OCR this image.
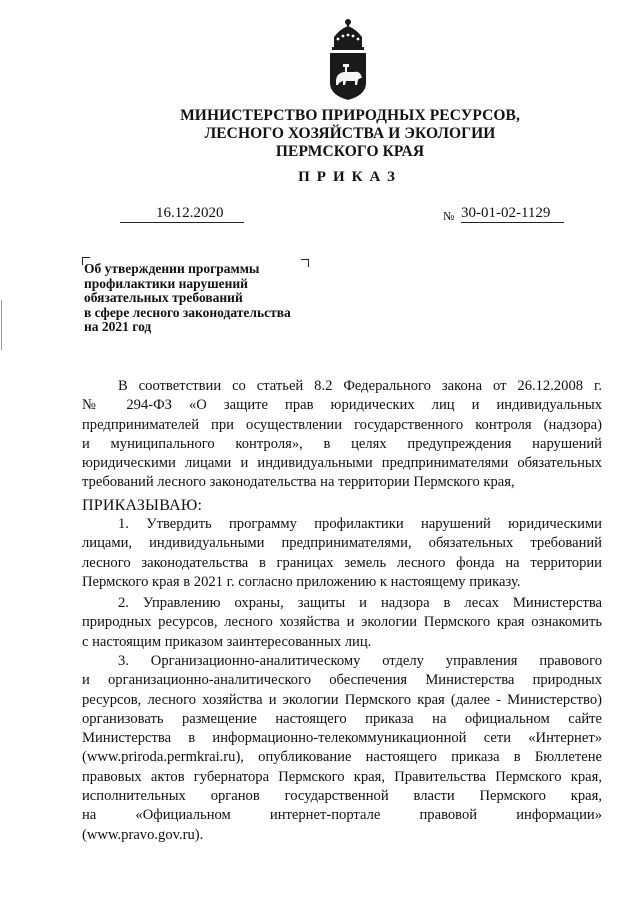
МИНИСТЕРСТВО ПРИРОДНЫХ РЕСУРСОВ,
ЛЕСНОГО ХОЗЯЙСТВА И ЭКОЛОГИИ
ПЕРМСКОГО КРАЯ
ПРИКАЗ
16.12.2020	№ 30-01-02-1129
Об утверждении программы
профилактики нарушений
обязательных требований
в сфере лесного законодательства
на 2021 год
В соответствии со статьей 8.2 Федерального закона от 26.12.2008 г.
№ 294-ФЗ «О защите прав юридических лиц и индивидуальных
предпринимателей при осуществлении государственного контроля (надзора)
и муниципального контроля», в целях предупреждения нарушений
юридическими лицами и индивидуальными предпринимателями обязательных
требований лесного законодательства на территории Пермского края,
ПРИКАЗЫВАЮ:
1. Утвердить программу профилактики нарушений юридическими
лицами, индивидуальными предпринимателями, обязательных требований
лесного законодательства в границах земель лесного фонда на территории
Пермского края в 2021 г. согласно приложению к настоящему приказу.
2. Управлению охраны, защиты и надзора в лесах Министерства
природных ресурсов, лесного хозяйства и экологии Пермского края ознакомить
с настоящим приказом заинтересованных лиц.
3. Организационно-аналитическому отделу управления правового
и организационно-аналитического обеспечения Министерства природных
ресурсов, лесного хозяйства и экологии Пермского края (далее - Министерство)
организовать размещение настоящего приказа на официальном сайте
Министерства в информационно-телекоммуникационной сети «Интернет»
(www.priroda.permkrai.ru), опубликование настоящего приказа в Бюллетене
правовых актов губернатора Пермского края, Правительства Пермского края,
исполнительных органов государственной власти Пермского края,
на «Официальном интернет-портале правовой информации»
(www.pravo.gov.ru).
